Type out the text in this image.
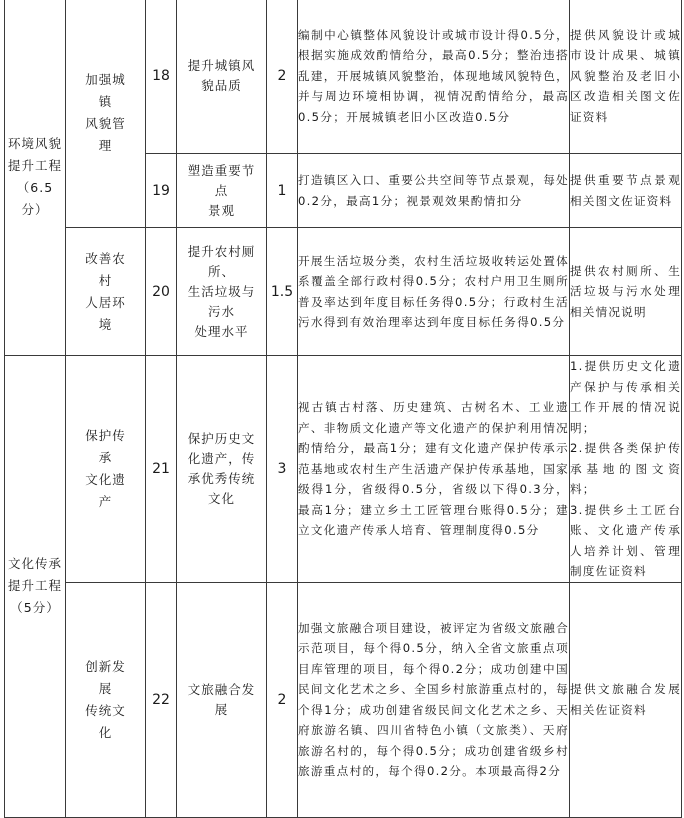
环境风貌
提升工程
（6.5
分）	加强城
镇
风貌管
理	18	提升城镇风
貌品质	2	编制中心镇整体风貌设计或城市设计得0.5分，根据实施成效酌情给分，最高0.5分；整治违搭乱建，开展城镇风貌整治，体现地域风貌特色，并与周边环境相协调，视情况酌情给分，最高0.5分；开展城镇老旧小区改造0.5分	提供风貌设计或城市设计成果、城镇风貌整治及老旧小区改造相关图文佐证资料
		19	塑造重要节
点
景观	1	打造镇区入口、重要公共空间等节点景观，每处0.2分，最高1分；视景观效果酌情扣分	提供重要节点景观相关图文佐证资料

	改善农
村
人居环
境	20	提升农村厕
所、
生活垃圾与
污水
处理水平	1.5	开展生活垃圾分类，农村生活垃圾收转运处置体系覆盖全部行政村得0.5分；农村户用卫生厕所普及率达到年度目标任务得0.5分；行政村生活污水得到有效治理率达到年度目标任务得0.5分	提供农村厕所、生活垃圾与污水处理相关情况说明

文化传承
提升工程
（5分）	保护传
承
文化遗
产	21	保护历史文
化遗产，传
承优秀传统
文化	3	视古镇古村落、历史建筑、古树名木、工业遗产、非物质文化遗产等文化遗产的保护利用情况酌情给分，最高1分；建有文化遗产保护传承示范基地或农村生产生活遗产保护传承基地，国家级得1分，省级得0.5分，省级以下得0.3分，最高1分；建立乡土工匠管理台账得0.5分；建立文化遗产传承人培育、管理制度得0.5分	1.提供历史文化遗产保护与传承相关工作开展的情况说明；
2.提供各类保护传承基地的图文资料；
3.提供乡土工匠台账、文化遗产传承人培养计划、管理制度佐证资料

	创新发
展
传统文
化	22	文旅融合发
展	2	加强文旅融合项目建设，被评定为省级文旅融合示范项目，每个得0.5分，纳入全省文旅重点项目库管理的项目，每个得0.2分；成功创建中国民间文化艺术之乡、全国乡村旅游重点村的，每个得1分；成功创建省级民间文化艺术之乡、天府旅游名镇、四川省特色小镇（文旅类）、天府旅游名村的，每个得0.5分；成功创建省级乡村旅游重点村的，每个得0.2分。本项最高得2分	提供文旅融合发展相关佐证资料
